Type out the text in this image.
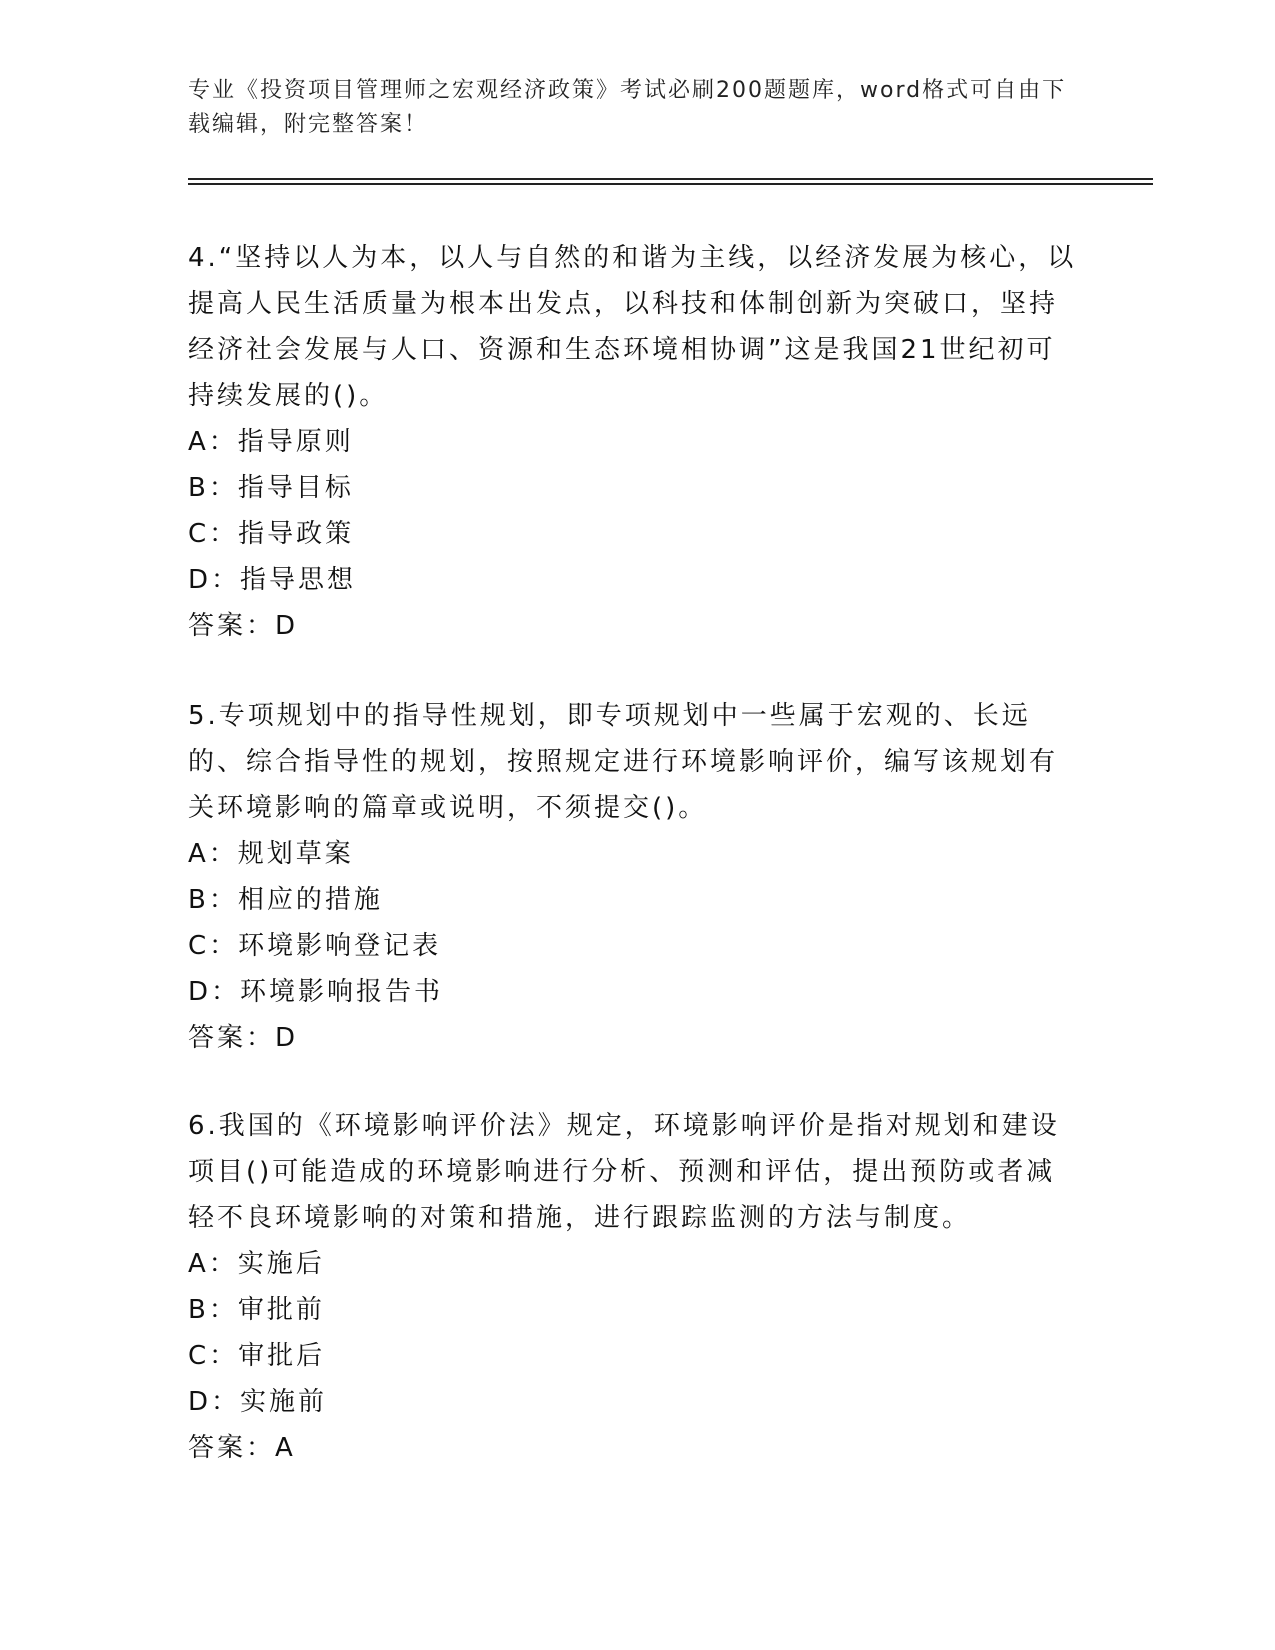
专业《投资项目管理师之宏观经济政策》考试必刷200题题库，word格式可自由下载编辑，附完整答案！

4.“坚持以人为本，以人与自然的和谐为主线，以经济发展为核心，以提高人民生活质量为根本出发点，以科技和体制创新为突破口，坚持经济社会发展与人口、资源和生态环境相协调”这是我国21世纪初可持续发展的()。

A：指导原则

B：指导目标

C：指导政策

D：指导思想

答案：D

5.专项规划中的指导性规划，即专项规划中一些属于宏观的、长远的、综合指导性的规划，按照规定进行环境影响评价，编写该规划有关环境影响的篇章或说明，不须提交()。

A：规划草案

B：相应的措施

C：环境影响登记表

D：环境影响报告书

答案：D

6.我国的《环境影响评价法》规定，环境影响评价是指对规划和建设项目()可能造成的环境影响进行分析、预测和评估，提出预防或者减轻不良环境影响的对策和措施，进行跟踪监测的方法与制度。

A：实施后

B：审批前

C：审批后

D：实施前

答案：A
